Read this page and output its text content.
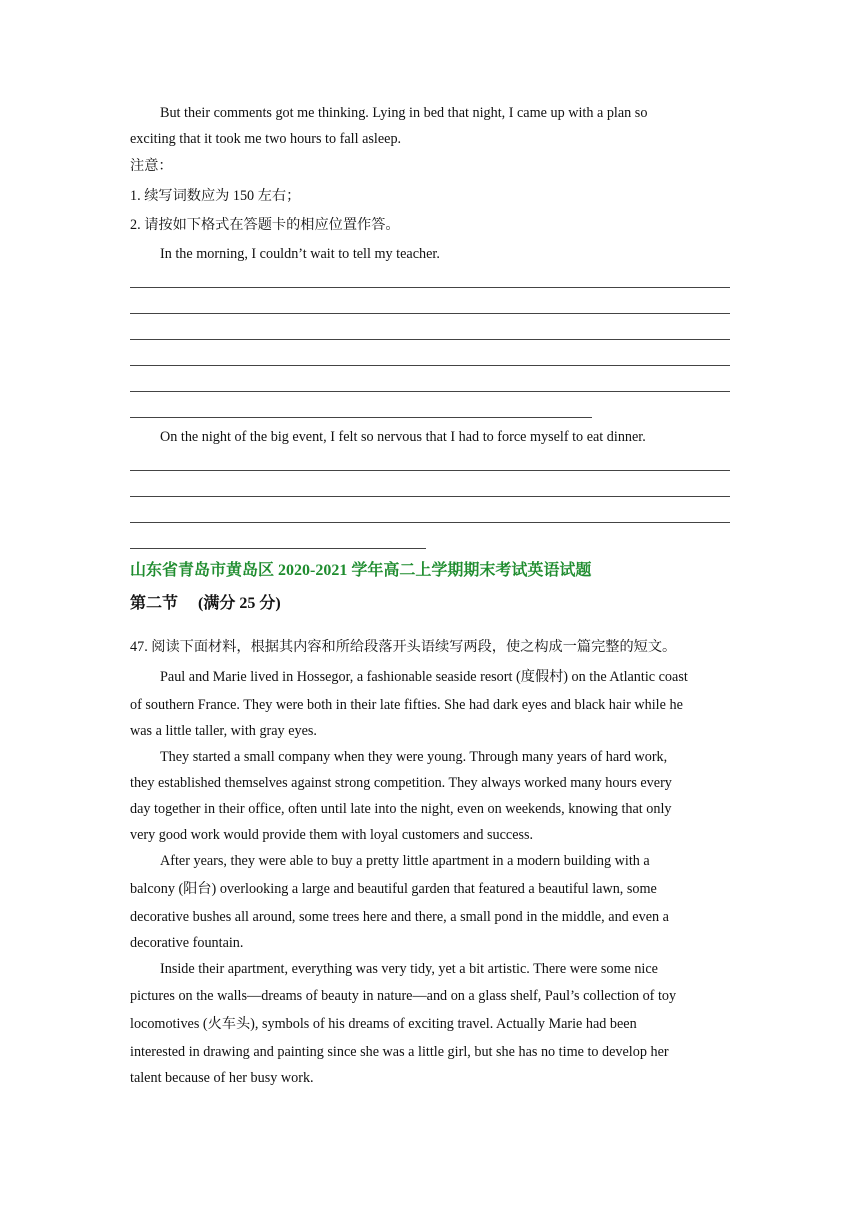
But their comments got me thinking. Lying in bed that night, I came up with a plan so
exciting that it took me two hours to fall asleep.
注意：
1. 续写词数应为 150 左右；
2. 请按如下格式在答题卡的相应位置作答。
In the morning, I couldn’t wait to tell my teacher.
On the night of the big event, I felt so nervous that I had to force myself to eat dinner.
山东省青岛市黄岛区 2020-2021 学年高二上学期期末考试英语试题
第二节 (满分 25 分)
47. 阅读下面材料，根据其内容和所给段落开头语续写两段，使之构成一篇完整的短文。
Paul and Marie lived in Hossegor, a fashionable seaside resort (度假村) on the Atlantic coast
of southern France. They were both in their late fifties. She had dark eyes and black hair while he
was a little taller, with gray eyes.
They started a small company when they were young. Through many years of hard work,
they established themselves against strong competition. They always worked many hours every
day together in their office, often until late into the night, even on weekends, knowing that only
very good work would provide them with loyal customers and success.
After years, they were able to buy a pretty little apartment in a modern building with a
balcony (阳台) overlooking a large and beautiful garden that featured a beautiful lawn, some
decorative bushes all around, some trees here and there, a small pond in the middle, and even a
decorative fountain.
Inside their apartment, everything was very tidy, yet a bit artistic. There were some nice
pictures on the walls—dreams of beauty in nature—and on a glass shelf, Paul’s collection of toy
locomotives (火车头), symbols of his dreams of exciting travel. Actually Marie had been
interested in drawing and painting since she was a little girl, but she has no time to develop her
talent because of her busy work.
